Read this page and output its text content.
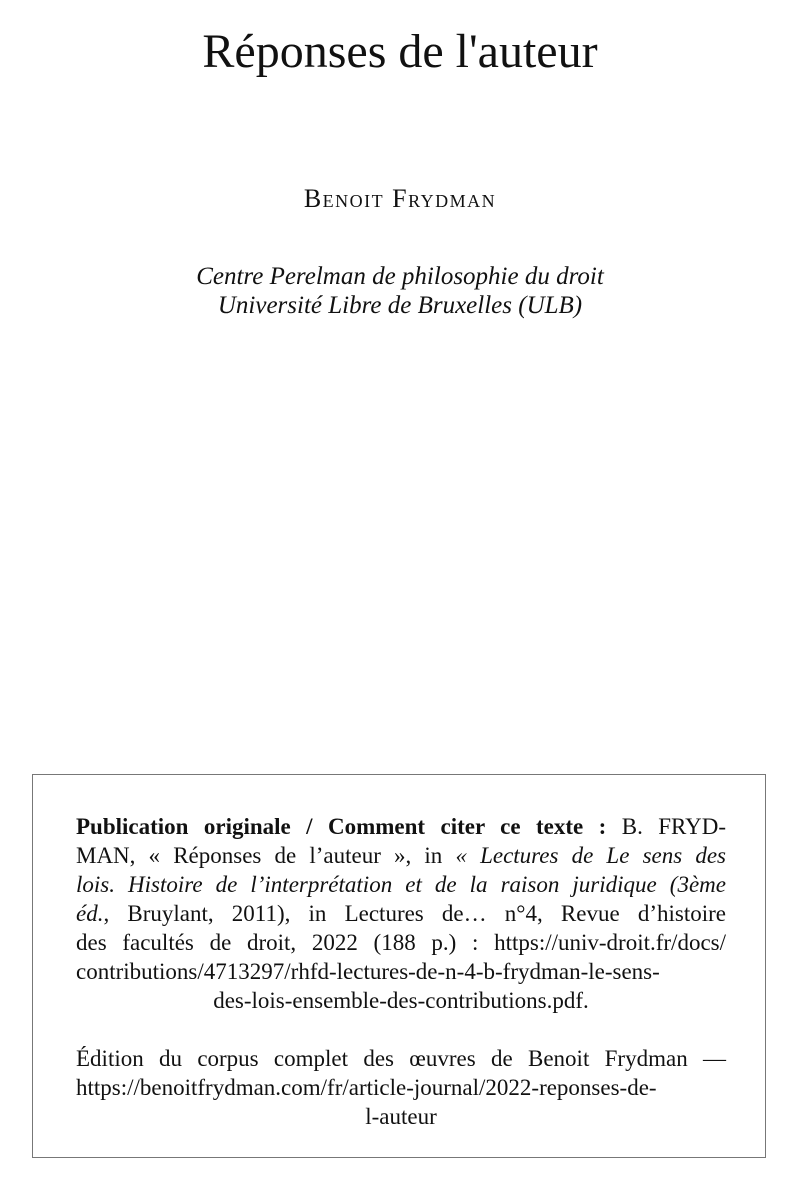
Réponses de l'auteur
Benoit Frydman
Centre Perelman de philosophie du droit
Université Libre de Bruxelles (ULB)
Publication originale / Comment citer ce texte : B. FRYD-
MAN, « Réponses de l’auteur », in « Lectures de Le sens des
lois. Histoire de l’interprétation et de la raison juridique (3ème
éd., Bruylant, 2011), in Lectures de… n°4, Revue d’histoire
des facultés de droit, 2022 (188 p.) : https://univ-droit.fr/docs/
contributions/4713297/rhfd-lectures-de-n-4-b-frydman-le-sens-
des-lois-ensemble-des-contributions.pdf.
Édition du corpus complet des œuvres de Benoit Frydman —
https://benoitfrydman.com/fr/article-journal/2022-reponses-de-
l-auteur
